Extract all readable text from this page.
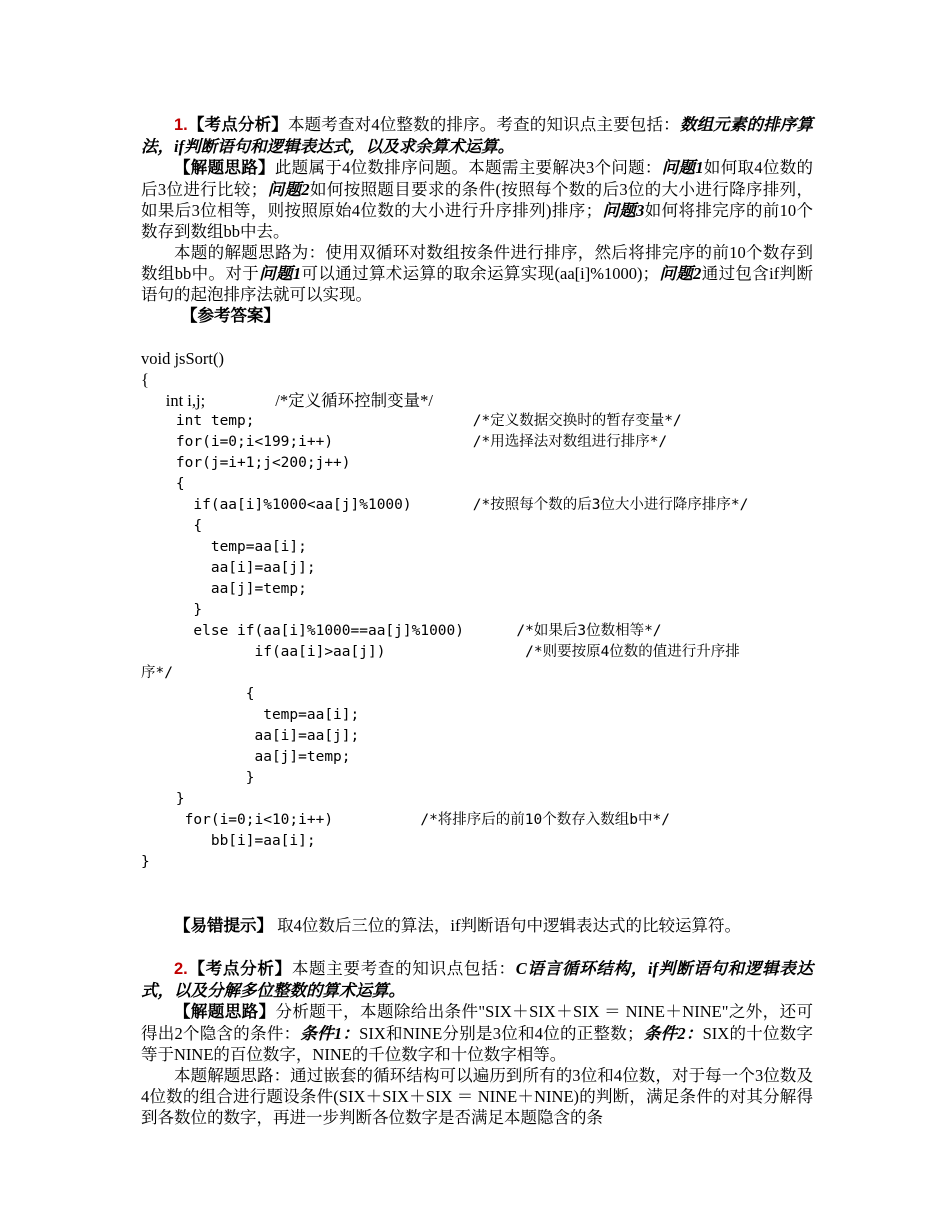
1.【考点分析】本题考查对4位整数的排序。考查的知识点主要包括：数组元素的排序算法，if判断语句和逻辑表达式，以及求余算术运算。

【解题思路】此题属于4位数排序问题。本题需主要解决3个问题：问题1如何取4位数的后3位进行比较；问题2如何按照题目要求的条件(按照每个数的后3位的大小进行降序排列，如果后3位相等，则按照原始4位数的大小进行升序排列)排序；问题3如何将排完序的前10个数存到数组bb中去。

本题的解题思路为：使用双循环对数组按条件进行排序，然后将排完序的前10个数存到数组bb中。对于问题1可以通过算术运算的取余运算实现(aa[i]%1000)；问题2通过包含if判断语句的起泡排序法就可以实现。

【参考答案】

void jsSort()
{
int i,j;                 /*定义循环控制变量*/
int temp;                         /*定义数据交换时的暂存变量*/
for(i=0;i<199;i++)                /*用选择法对数组进行排序*/
for(j=i+1;j<200;j++)
{
if(aa[i]%1000<aa[j]%1000)       /*按照每个数的后3位大小进行降序排序*/
{
temp=aa[i];
aa[i]=aa[j];
aa[j]=temp;
}
else if(aa[i]%1000==aa[j]%1000)      /*如果后3位数相等*/
if(aa[i]>aa[j])                /*则要按原4位数的值进行升序排
序*/
{
temp=aa[i];
aa[i]=aa[j];
aa[j]=temp;
}
}
for(i=0;i<10;i++)          /*将排序后的前10个数存入数组b中*/
bb[i]=aa[i];
}

【易错提示】 取4位数后三位的算法，if判断语句中逻辑表达式的比较运算符。

2.【考点分析】本题主要考查的知识点包括：C语言循环结构，if判断语句和逻辑表达式，以及分解多位整数的算术运算。

【解题思路】分析题干，本题除给出条件"SIX＋SIX＋SIX ＝ NINE＋NINE"之外，还可得出2个隐含的条件：条件1：SIX和NINE分别是3位和4位的正整数；条件2：SIX的十位数字等于NINE的百位数字，NINE的千位数字和十位数字相等。

本题解题思路：通过嵌套的循环结构可以遍历到所有的3位和4位数，对于每一个3位数及4位数的组合进行题设条件(SIX＋SIX＋SIX ＝ NINE＋NINE)的判断，满足条件的对其分解得到各数位的数字，再进一步判断各位数字是否满足本题隐含的条
